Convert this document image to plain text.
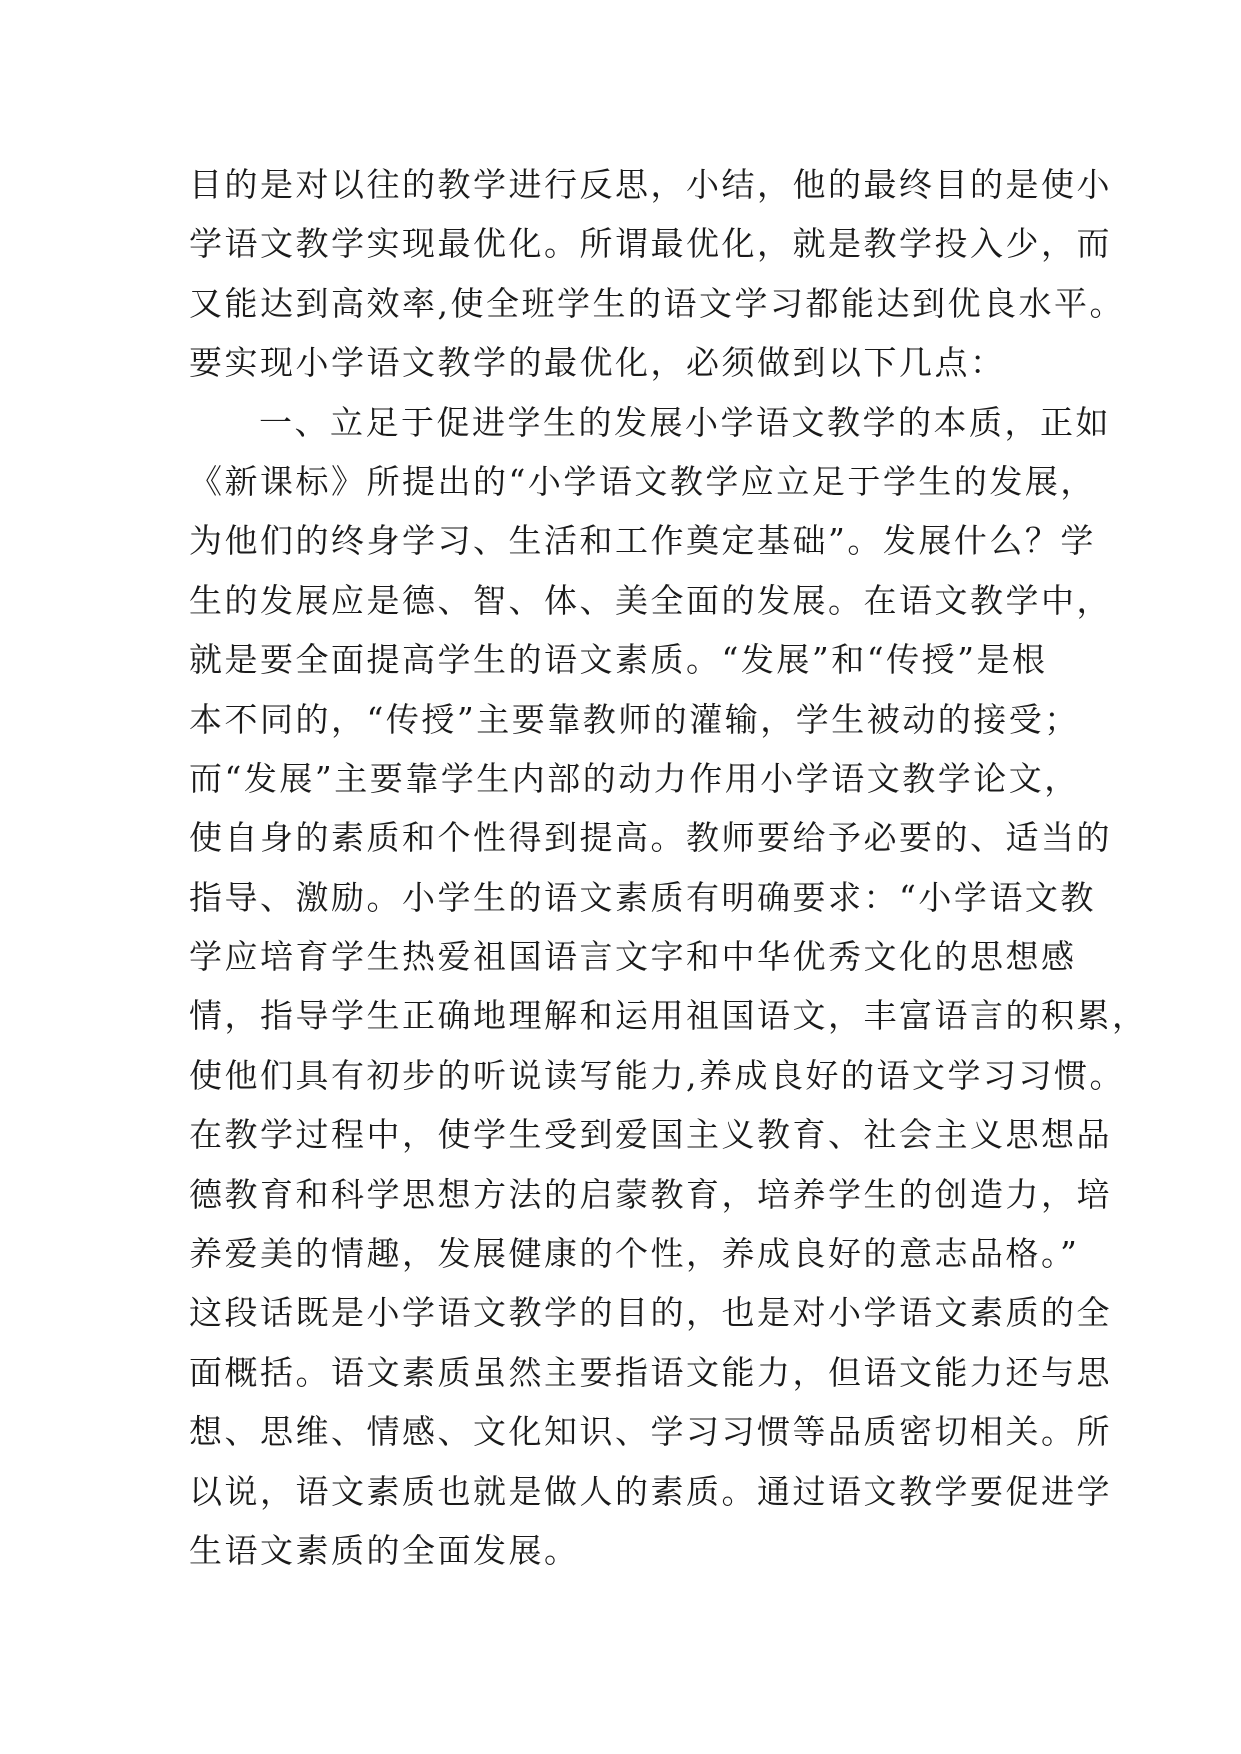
目的是对以往的教学进行反思，小结，他的最终目的是使小
学语文教学实现最优化。所谓最优化，就是教学投入少，而
又能达到高效率,使全班学生的语文学习都能达到优良水平。
要实现小学语文教学的最优化，必须做到以下几点：
一、立足于促进学生的发展小学语文教学的本质，正如
《新课标》所提出的“小学语文教学应立足于学生的发展，
为他们的终身学习、生活和工作奠定基础”。发展什么？学
生的发展应是德、智、体、美全面的发展。在语文教学中，
就是要全面提高学生的语文素质。“发展”和“传授”是根
本不同的，“传授”主要靠教师的灌输，学生被动的接受；
而“发展”主要靠学生内部的动力作用小学语文教学论文，
使自身的素质和个性得到提高。教师要给予必要的、适当的
指导、激励。小学生的语文素质有明确要求：“小学语文教
学应培育学生热爱祖国语言文字和中华优秀文化的思想感
情，指导学生正确地理解和运用祖国语文，丰富语言的积累，
使他们具有初步的听说读写能力,养成良好的语文学习习惯。
在教学过程中，使学生受到爱国主义教育、社会主义思想品
德教育和科学思想方法的启蒙教育，培养学生的创造力，培
养爱美的情趣，发展健康的个性，养成良好的意志品格。”
这段话既是小学语文教学的目的，也是对小学语文素质的全
面概括。语文素质虽然主要指语文能力，但语文能力还与思
想、思维、情感、文化知识、学习习惯等品质密切相关。所
以说，语文素质也就是做人的素质。通过语文教学要促进学
生语文素质的全面发展。
